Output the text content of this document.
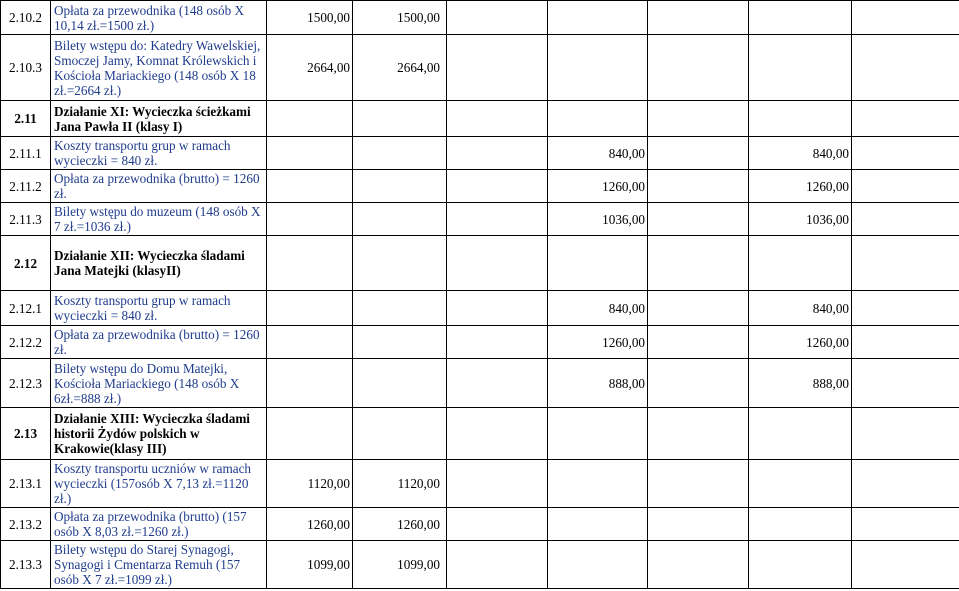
2.10.2	Opłata za przewodnika (148 osób X 10,14 zł.=1500 zł.)	1500,00	1500,00					
2.10.3	Bilety wstępu do: Katedry Wawelskiej, Smoczej Jamy, Komnat Królewskich i Kościoła Mariackiego (148 osób X 18 zł.=2664 zł.)	2664,00	2664,00					
2.11	Działanie XI: Wycieczka ścieżkami Jana Pawła II (klasy I)							
2.11.1	Koszty transportu grup w ramach wycieczki = 840 zł.				840,00		840,00	
2.11.2	Opłata za przewodnika (brutto) = 1260 zł.				1260,00		1260,00	
2.11.3	Bilety wstępu do muzeum (148 osób X 7 zł.=1036 zł.)				1036,00		1036,00	
2.12	Działanie XII: Wycieczka śladami Jana Matejki (klasyII)							
2.12.1	Koszty transportu grup w ramach wycieczki = 840 zł.				840,00		840,00	
2.12.2	Opłata za przewodnika (brutto) = 1260 zł.				1260,00		1260,00	
2.12.3	Bilety wstępu do Domu Matejki, Kościoła Mariackiego (148 osób X 6zł.=888 zł.)				888,00		888,00	
2.13	Działanie XIII: Wycieczka śladami historii Żydów polskich w Krakowie(klasy III)							
2.13.1	Koszty transportu uczniów w ramach wycieczki (157osób X 7,13 zł.=1120 zł.)	1120,00	1120,00					
2.13.2	Opłata za przewodnika (brutto) (157 osób X 8,03 zł.=1260 zł.)	1260,00	1260,00					
2.13.3	Bilety wstępu do Starej Synagogi, Synagogi i Cmentarza Remuh (157 osób X 7 zł.=1099 zł.)	1099,00	1099,00					
